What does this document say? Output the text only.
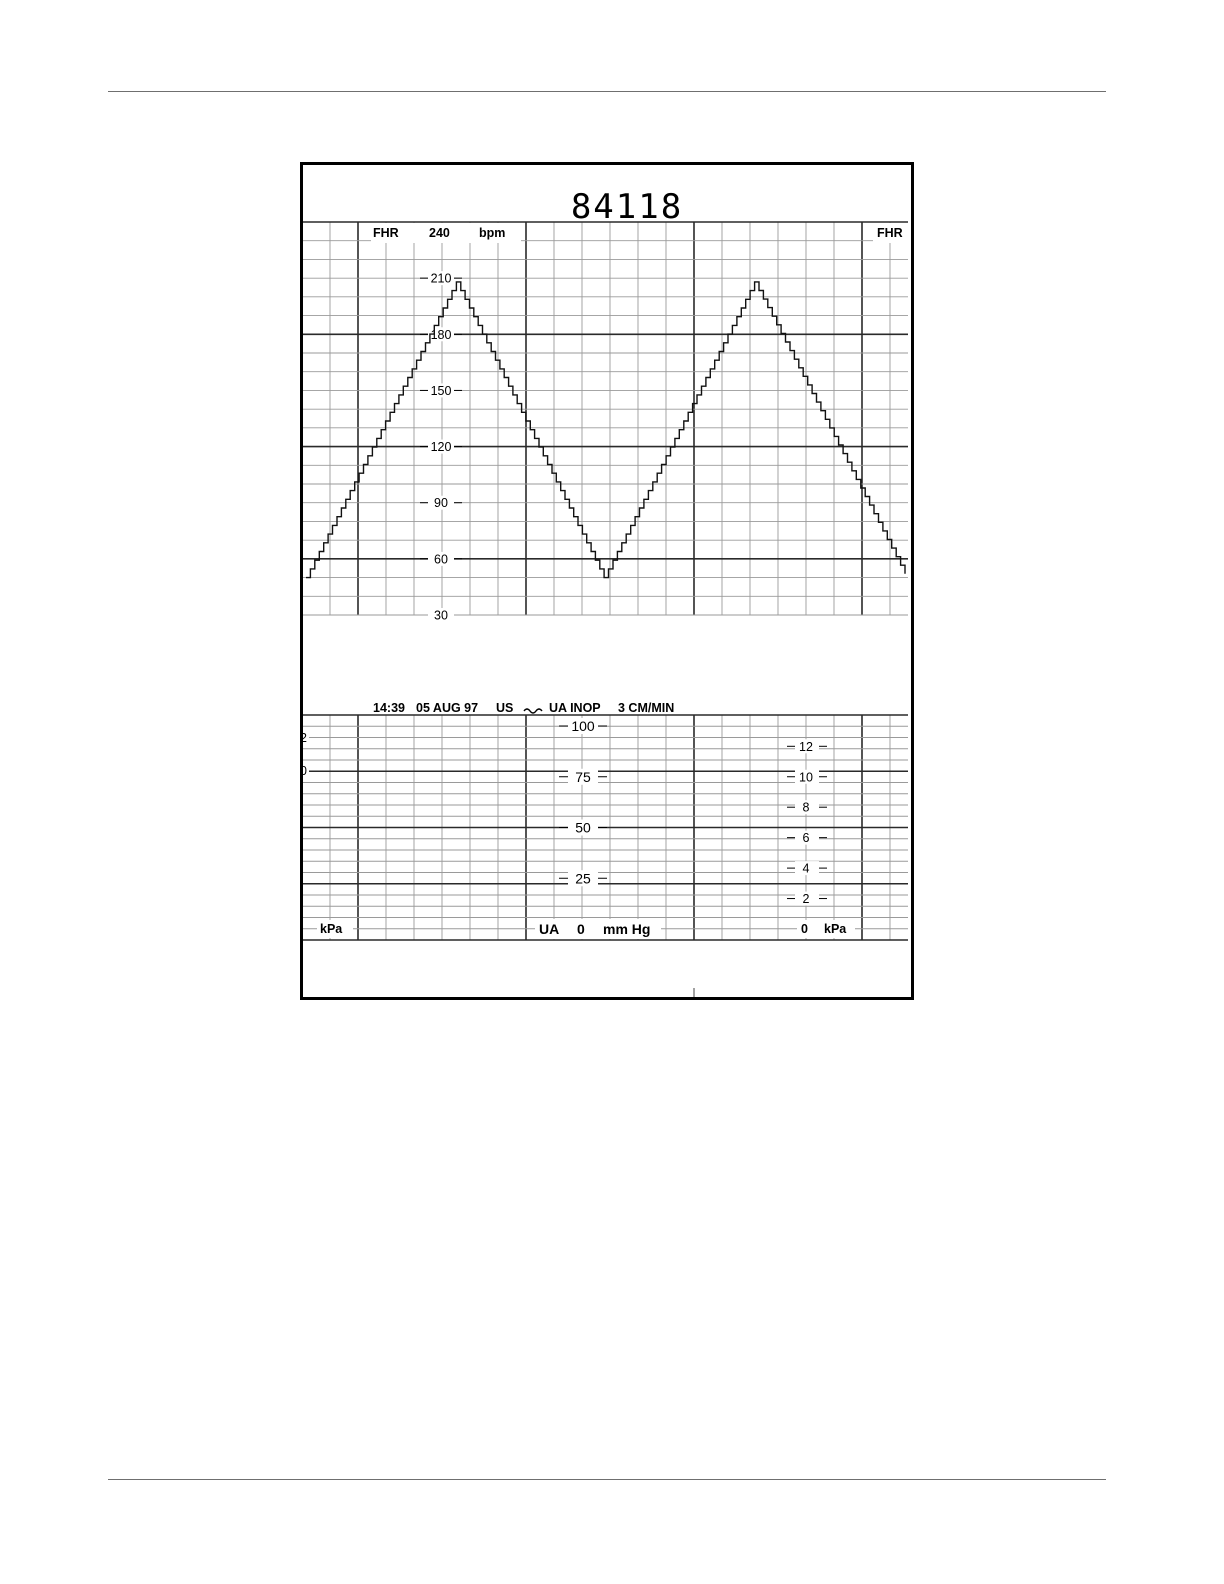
84118
FHR 240 bpm	FHR
210
180
150
120
90
60
30
14:39 05 AUG 97 US	UA INOP 3 CM/MIN
100
75
50
25
12
10
8
6
4
2
UA 0 mm Hg	0 kPa
kPa
2
0
